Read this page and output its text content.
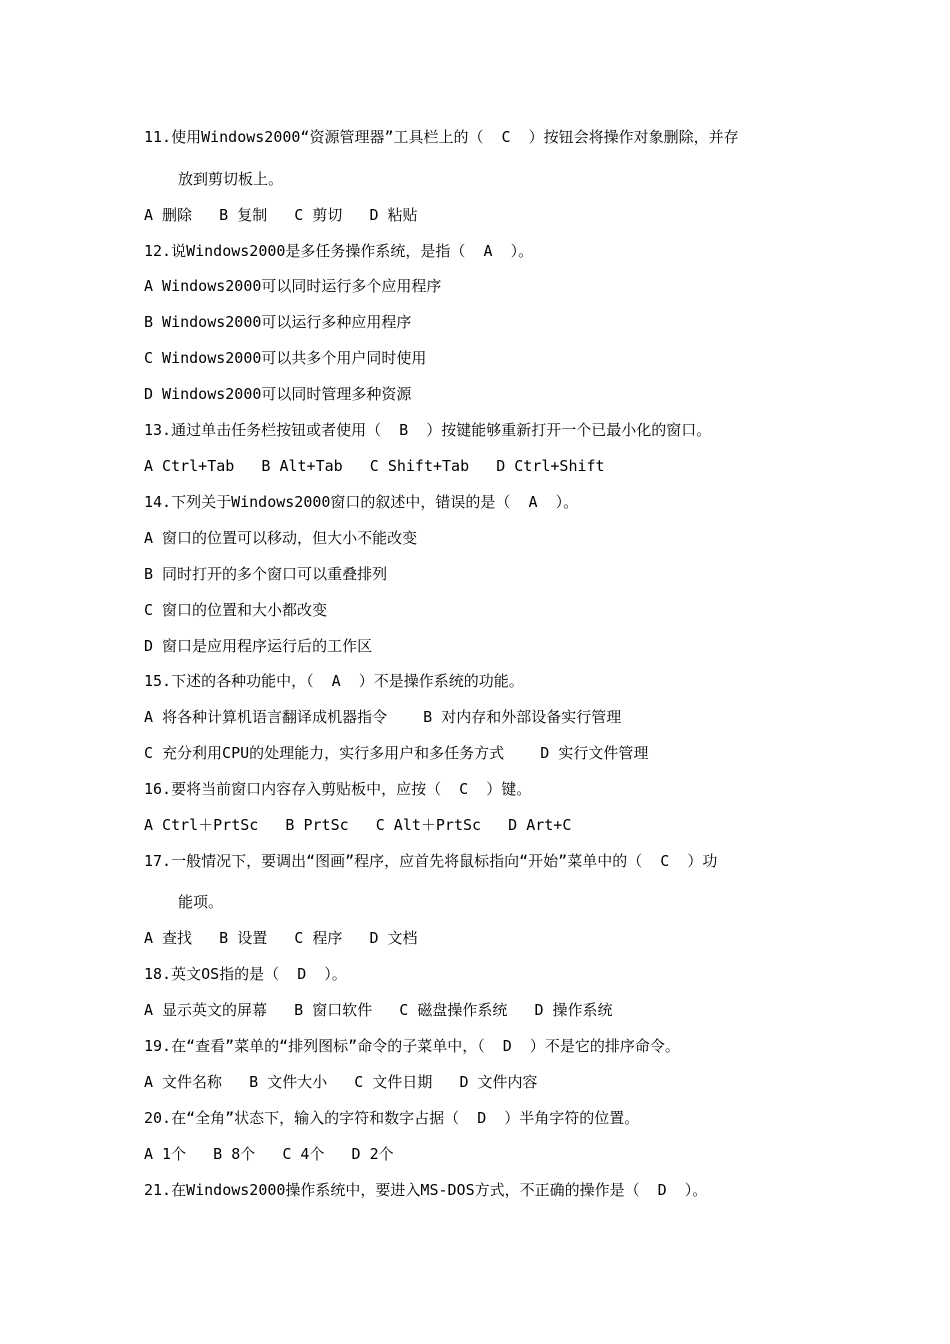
11.使用Windows2000“资源管理器”工具栏上的（  C  ）按钮会将操作对象删除，并存

放到剪切板上。

A 删除   B 复制   C 剪切   D 粘贴

12.说Windows2000是多任务操作系统，是指（  A  ）。

A Windows2000可以同时运行多个应用程序

B Windows2000可以运行多种应用程序

C Windows2000可以共多个用户同时使用

D Windows2000可以同时管理多种资源

13.通过单击任务栏按钮或者使用（  B  ）按键能够重新打开一个已最小化的窗口。

A Ctrl+Tab   B Alt+Tab   C Shift+Tab   D Ctrl+Shift

14.下列关于Windows2000窗口的叙述中，错误的是（  A  ）。

A 窗口的位置可以移动，但大小不能改变

B 同时打开的多个窗口可以重叠排列

C 窗口的位置和大小都改变

D 窗口是应用程序运行后的工作区

15.下述的各种功能中，（  A  ）不是操作系统的功能。

A 将各种计算机语言翻译成机器指令    B 对内存和外部设备实行管理

C 充分利用CPU的处理能力，实行多用户和多任务方式    D 实行文件管理

16.要将当前窗口内容存入剪贴板中，应按（  C  ）键。

A Ctrl＋PrtSc   B PrtSc   C Alt＋PrtSc   D Art+C

17.一般情况下，要调出“图画”程序，应首先将鼠标指向“开始”菜单中的（  C  ）功

能项。

A 查找   B 设置   C 程序   D 文档

18.英文OS指的是（  D  ）。

A 显示英文的屏幕   B 窗口软件   C 磁盘操作系统   D 操作系统

19.在“查看”菜单的“排列图标”命令的子菜单中，（  D  ）不是它的排序命令。

A 文件名称   B 文件大小   C 文件日期   D 文件内容

20.在“全角”状态下，输入的字符和数字占据（  D  ）半角字符的位置。

A 1个   B 8个   C 4个   D 2个

21.在Windows2000操作系统中，要进入MS-DOS方式，不正确的操作是（  D  ）。
